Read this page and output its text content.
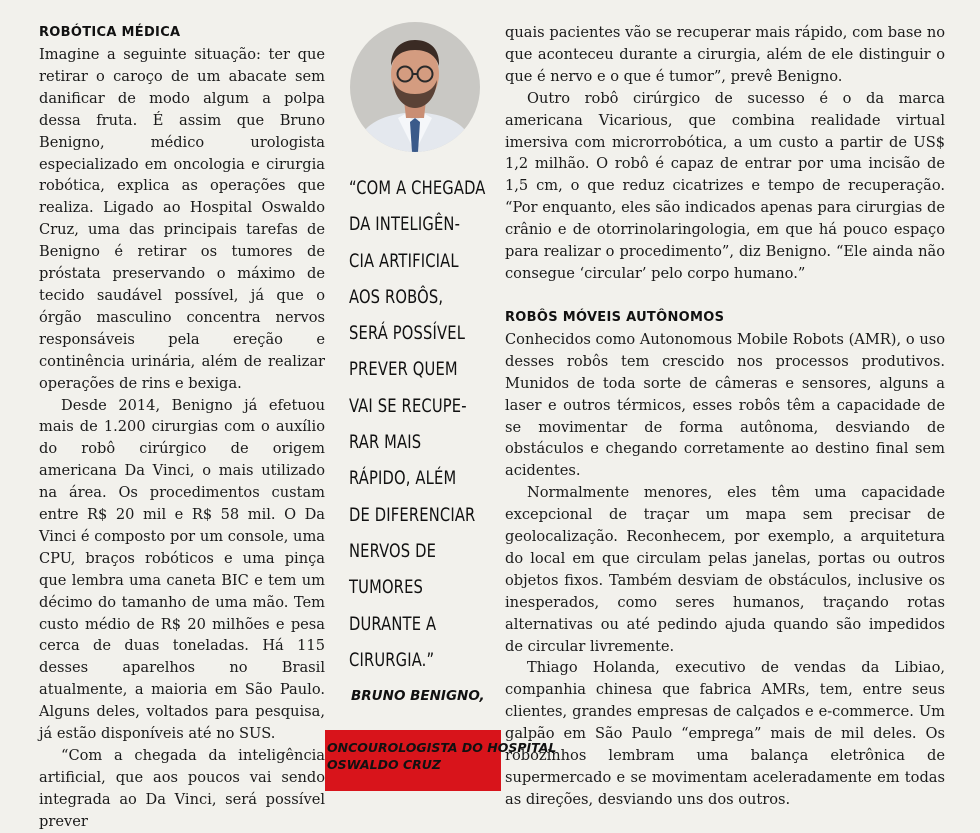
ROBÓTICA MÉDICA

Imagine a seguinte situação: ter que retirar o caroço de um abacate sem danificar de modo algum a polpa dessa fruta. É assim que Bruno Benigno, médico urologista especializado em oncologia e cirurgia robótica, explica as operações que realiza. Ligado ao Hospital Oswaldo Cruz, uma das principais tarefas de Benigno é retirar os tumores de próstata preservando o máximo de tecido saudável possível, já que o órgão masculino concentra nervos responsáveis pela ereção e continência urinária, além de realizar operações de rins e bexiga.

Desde 2014, Benigno já efetuou mais de 1.200 cirurgias com o auxílio do robô cirúrgico de origem americana Da Vinci, o mais utilizado na área. Os procedimentos custam entre R$ 20 mil e R$ 58 mil. O Da Vinci é composto por um console, uma CPU, braços robóticos e uma pinça que lembra uma caneta BIC e tem um décimo do tamanho de uma mão. Tem custo médio de R$ 20 milhões e pesa cerca de duas toneladas. Há 115 desses aparelhos no Brasil atualmente, a maioria em São Paulo. Alguns deles, voltados para pesquisa, já estão disponíveis até no SUS.

“Com a chegada da inteligência artificial, que aos poucos vai sendo integrada ao Da Vinci, será possível prever

“COM A CHEGADA
DA INTELIGÊN-
CIA ARTIFICIAL
AOS ROBÔS,
SERÁ POSSÍVEL
PREVER QUEM
VAI SE RECUPE-
RAR MAIS
RÁPIDO, ALÉM
DE DIFERENCIAR
NERVOS DE
TUMORES
DURANTE A
CIRURGIA.”
BRUNO BENIGNO,
ONCOUROLOGISTA DO HOSPITAL
OSWALDO CRUZ

quais pacientes vão se recuperar mais rápido, com base no que aconteceu durante a cirurgia, além de ele distinguir o que é nervo e o que é tumor”, prevê Benigno.

Outro robô cirúrgico de sucesso é o da marca americana Vicarious, que combina realidade virtual imersiva com microrrobótica, a um custo a partir de US$ 1,2 milhão. O robô é capaz de entrar por uma incisão de 1,5 cm, o que reduz cicatrizes e tempo de recuperação. “Por enquanto, eles são indicados apenas para cirurgias de crânio e de otorrinolaringologia, em que há pouco espaço para realizar o procedimento”, diz Benigno. “Ele ainda não consegue ‘circular’ pelo corpo humano.”

ROBÔS MÓVEIS AUTÔNOMOS

Conhecidos como Autonomous Mobile Robots (AMR), o uso desses robôs tem crescido nos processos produtivos. Munidos de toda sorte de câmeras e sensores, alguns a laser e outros térmicos, esses robôs têm a capacidade de se movimentar de forma autônoma, desviando de obstáculos e chegando corretamente ao destino final sem acidentes.

Normalmente menores, eles têm uma capacidade excepcional de traçar um mapa sem precisar de geolocalização. Reconhecem, por exemplo, a arquitetura do local em que circulam pelas janelas, portas ou outros objetos fixos. Também desviam de obstáculos, inclusive os inesperados, como seres humanos, traçando rotas alternativas ou até pedindo ajuda quando são impedidos de circular livremente.

Thiago Holanda, executivo de vendas da Libiao, companhia chinesa que fabrica AMRs, tem, entre seus clientes, grandes empresas de calçados e e-commerce. Um galpão em São Paulo “emprega” mais de mil deles. Os robozinhos lembram uma balança eletrônica de supermercado e se movimentam aceleradamente em todas as direções, desviando uns dos outros.
